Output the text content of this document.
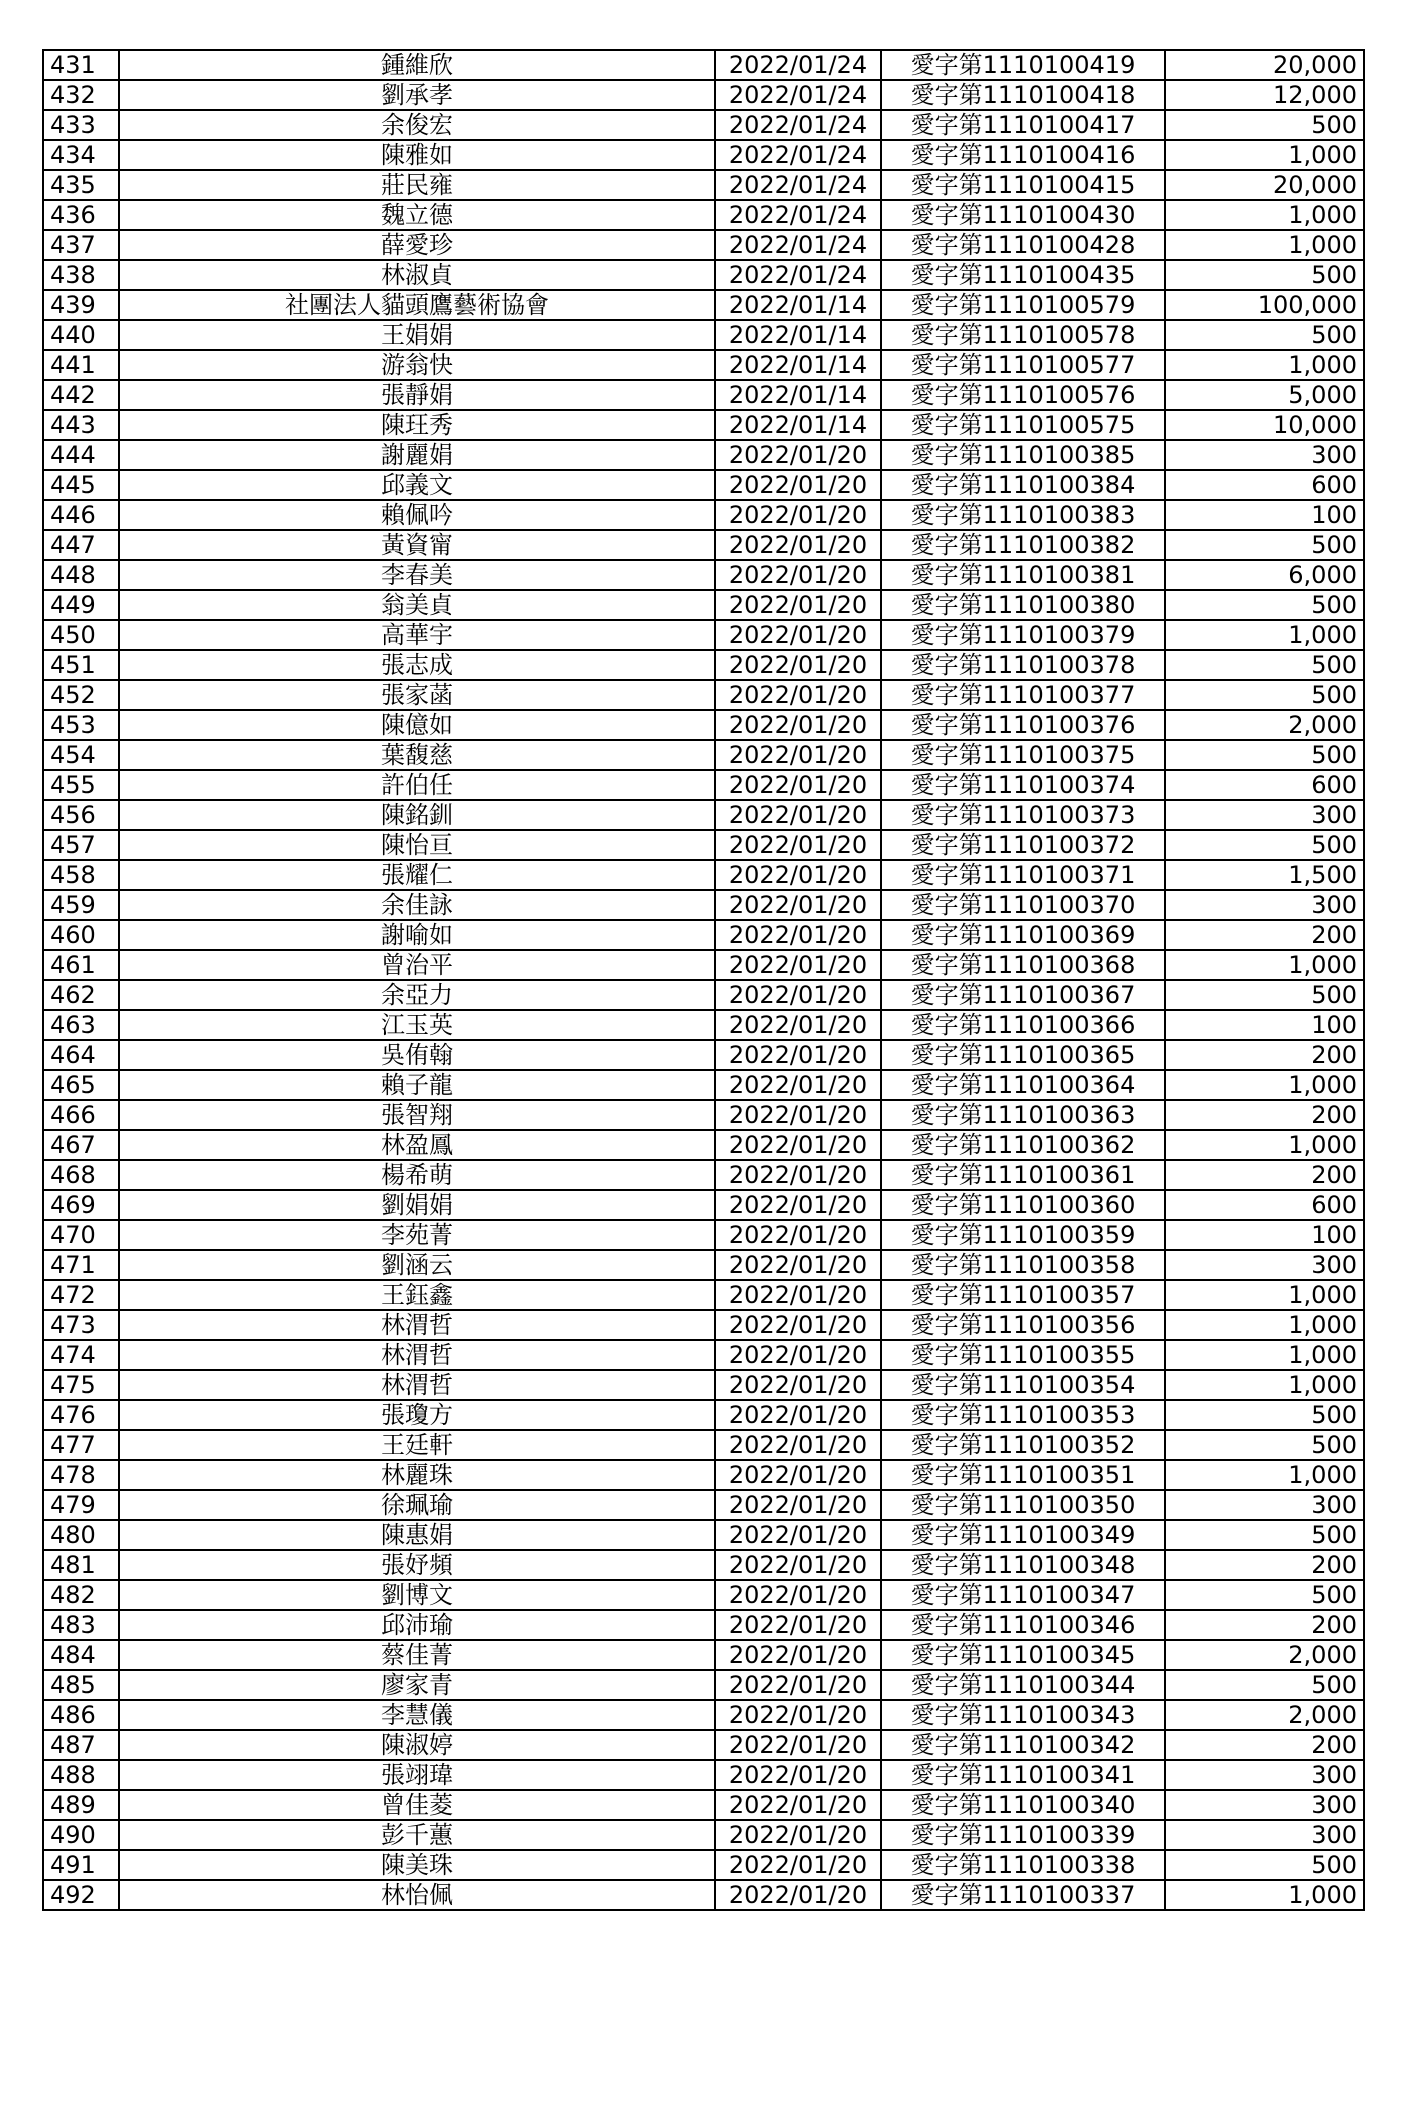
431	鍾維欣	2022/01/24	愛字第1110100419	20,000
432	劉承孝	2022/01/24	愛字第1110100418	12,000
433	余俊宏	2022/01/24	愛字第1110100417	500
434	陳雅如	2022/01/24	愛字第1110100416	1,000
435	莊民雍	2022/01/24	愛字第1110100415	20,000
436	魏立德	2022/01/24	愛字第1110100430	1,000
437	薛愛珍	2022/01/24	愛字第1110100428	1,000
438	林淑貞	2022/01/24	愛字第1110100435	500
439	社團法人貓頭鷹藝術協會	2022/01/14	愛字第1110100579	100,000
440	王娟娟	2022/01/14	愛字第1110100578	500
441	游翁快	2022/01/14	愛字第1110100577	1,000
442	張靜娟	2022/01/14	愛字第1110100576	5,000
443	陳玨秀	2022/01/14	愛字第1110100575	10,000
444	謝麗娟	2022/01/20	愛字第1110100385	300
445	邱義文	2022/01/20	愛字第1110100384	600
446	賴佩吟	2022/01/20	愛字第1110100383	100
447	黃資甯	2022/01/20	愛字第1110100382	500
448	李春美	2022/01/20	愛字第1110100381	6,000
449	翁美貞	2022/01/20	愛字第1110100380	500
450	高華宇	2022/01/20	愛字第1110100379	1,000
451	張志成	2022/01/20	愛字第1110100378	500
452	張家菡	2022/01/20	愛字第1110100377	500
453	陳億如	2022/01/20	愛字第1110100376	2,000
454	葉馥慈	2022/01/20	愛字第1110100375	500
455	許伯任	2022/01/20	愛字第1110100374	600
456	陳銘釧	2022/01/20	愛字第1110100373	300
457	陳怡亘	2022/01/20	愛字第1110100372	500
458	張耀仁	2022/01/20	愛字第1110100371	1,500
459	余佳詠	2022/01/20	愛字第1110100370	300
460	謝喻如	2022/01/20	愛字第1110100369	200
461	曾治平	2022/01/20	愛字第1110100368	1,000
462	余亞力	2022/01/20	愛字第1110100367	500
463	江玉英	2022/01/20	愛字第1110100366	100
464	吳侑翰	2022/01/20	愛字第1110100365	200
465	賴子龍	2022/01/20	愛字第1110100364	1,000
466	張智翔	2022/01/20	愛字第1110100363	200
467	林盈鳳	2022/01/20	愛字第1110100362	1,000
468	楊希萌	2022/01/20	愛字第1110100361	200
469	劉娟娟	2022/01/20	愛字第1110100360	600
470	李苑菁	2022/01/20	愛字第1110100359	100
471	劉涵云	2022/01/20	愛字第1110100358	300
472	王鈺鑫	2022/01/20	愛字第1110100357	1,000
473	林渭哲	2022/01/20	愛字第1110100356	1,000
474	林渭哲	2022/01/20	愛字第1110100355	1,000
475	林渭哲	2022/01/20	愛字第1110100354	1,000
476	張瓊方	2022/01/20	愛字第1110100353	500
477	王廷軒	2022/01/20	愛字第1110100352	500
478	林麗珠	2022/01/20	愛字第1110100351	1,000
479	徐珮瑜	2022/01/20	愛字第1110100350	300
480	陳惠娟	2022/01/20	愛字第1110100349	500
481	張妤頻	2022/01/20	愛字第1110100348	200
482	劉博文	2022/01/20	愛字第1110100347	500
483	邱沛瑜	2022/01/20	愛字第1110100346	200
484	蔡佳菁	2022/01/20	愛字第1110100345	2,000
485	廖家青	2022/01/20	愛字第1110100344	500
486	李慧儀	2022/01/20	愛字第1110100343	2,000
487	陳淑婷	2022/01/20	愛字第1110100342	200
488	張翊瑋	2022/01/20	愛字第1110100341	300
489	曾佳菱	2022/01/20	愛字第1110100340	300
490	彭千蕙	2022/01/20	愛字第1110100339	300
491	陳美珠	2022/01/20	愛字第1110100338	500
492	林怡佩	2022/01/20	愛字第1110100337	1,000
